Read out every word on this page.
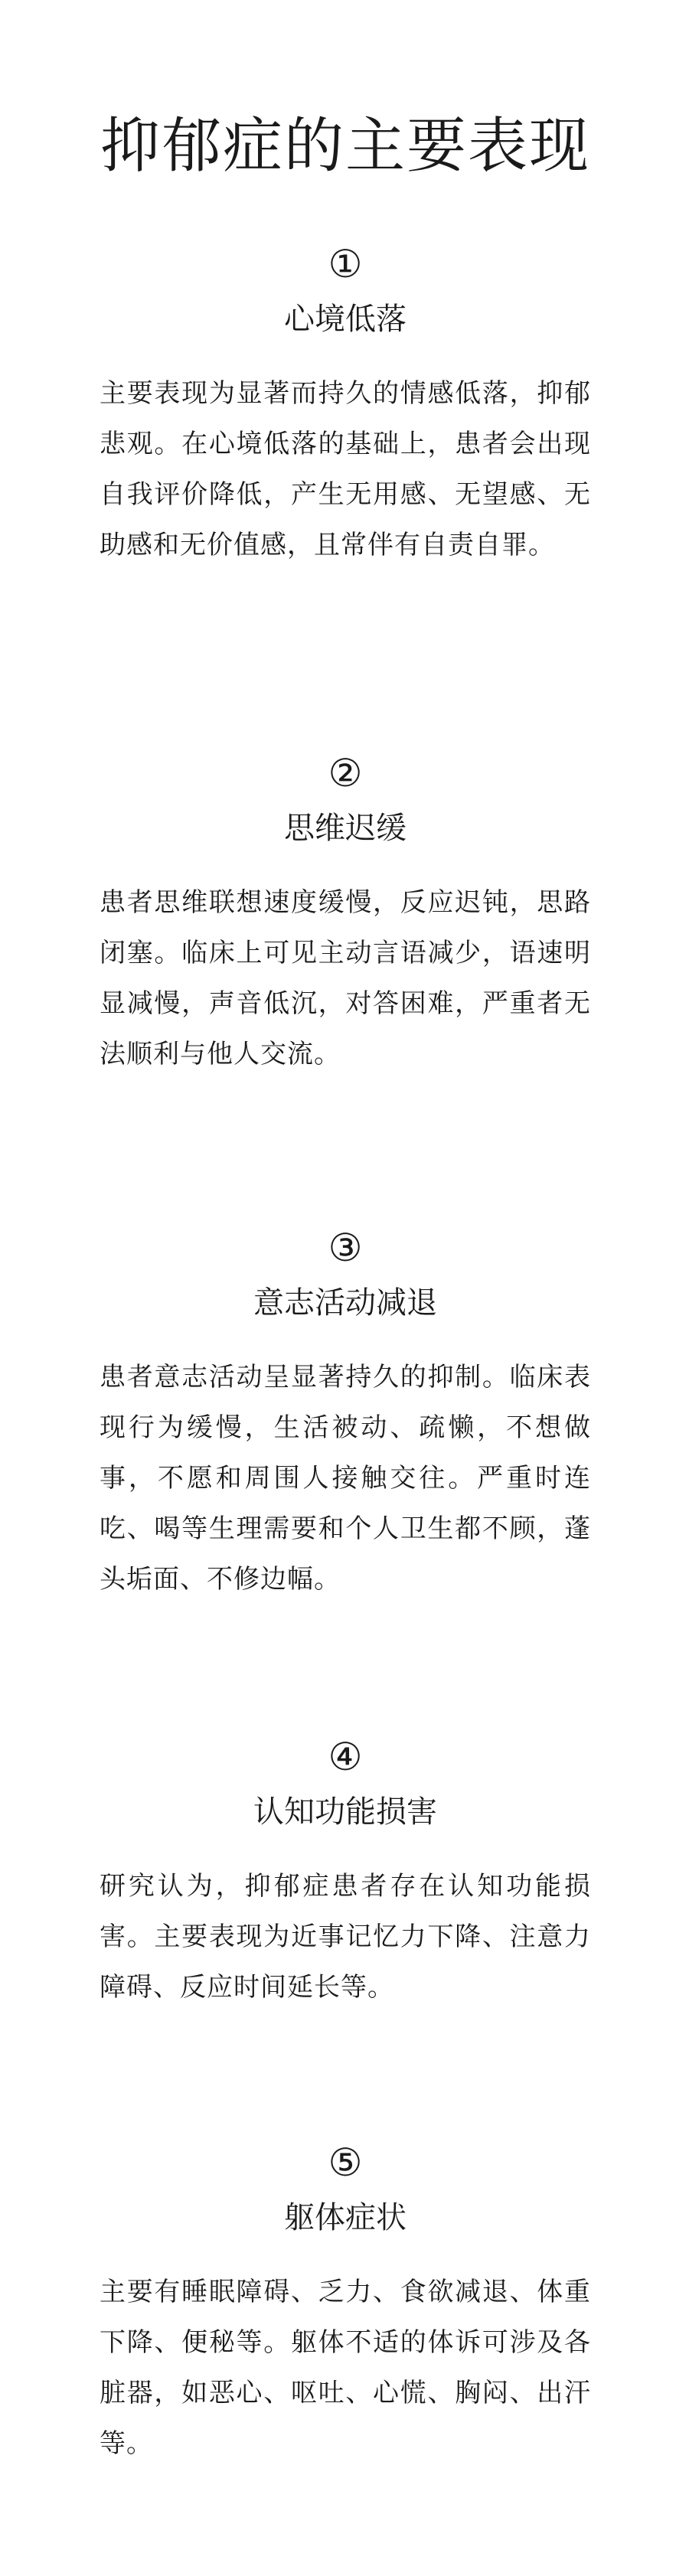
抑郁症的主要表现
①
心境低落
主要表现为显著而持久的情感低落，抑郁悲观。在心境低落的基础上，患者会出现自我评价降低，产生无用感、无望感、无助感和无价值感，且常伴有自责自罪。
②
思维迟缓
患者思维联想速度缓慢，反应迟钝，思路闭塞。临床上可见主动言语减少，语速明显减慢，声音低沉，对答困难，严重者无法顺利与他人交流。
③
意志活动减退
患者意志活动呈显著持久的抑制。临床表现行为缓慢，生活被动、疏懒，不想做事，不愿和周围人接触交往。严重时连吃、喝等生理需要和个人卫生都不顾，蓬头垢面、不修边幅。
④
认知功能损害
研究认为，抑郁症患者存在认知功能损害。主要表现为近事记忆力下降、注意力障碍、反应时间延长等。
⑤
躯体症状
主要有睡眠障碍、乏力、食欲减退、体重下降、便秘等。躯体不适的体诉可涉及各脏器，如恶心、呕吐、心慌、胸闷、出汗等。
